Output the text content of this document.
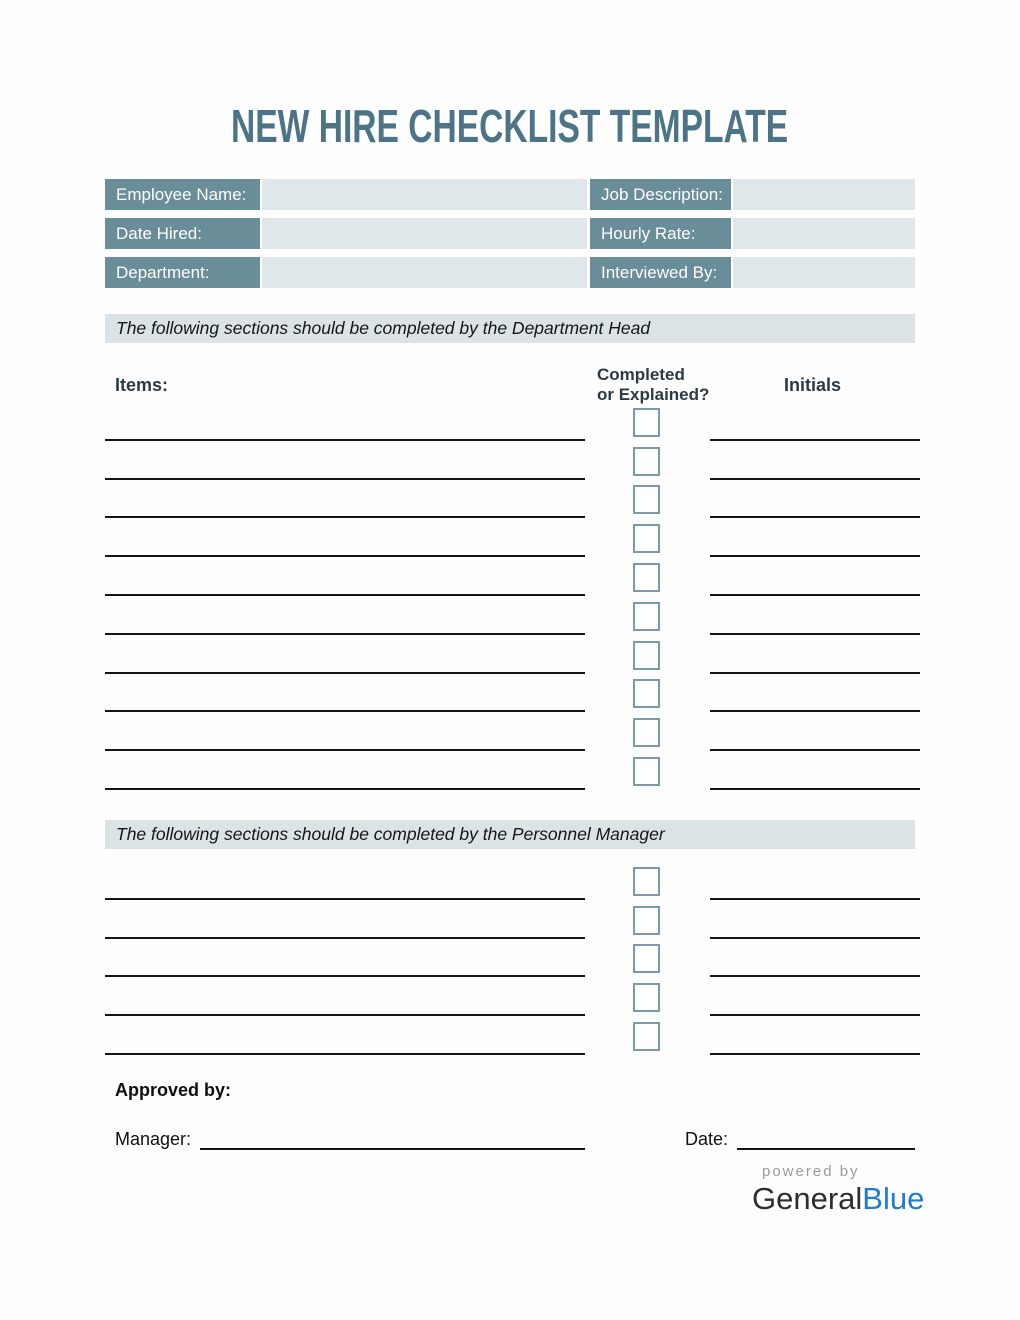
NEW HIRE CHECKLIST TEMPLATE
Employee Name:	Job Description:
Date Hired:	Hourly Rate:
Department:	Interviewed By:
The following sections should be completed by the Department Head
Items:
Completed
or Explained?	Initials
The following sections should be completed by the Personnel Manager
Approved by:
Manager:	Date:
powered by
GeneralBlue
